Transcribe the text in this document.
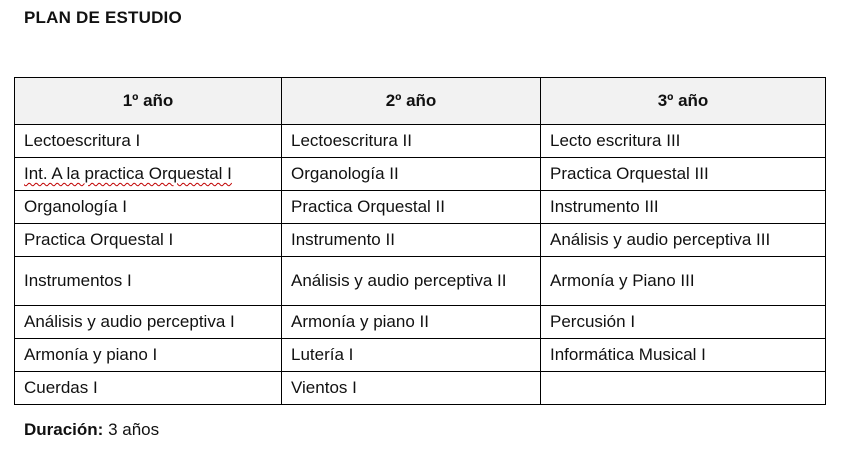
PLAN DE ESTUDIO
1º año	2º año	3º año
Lectoescritura I	Lectoescritura II	Lecto escritura III
Int. A la practica Orquestal I	Organología II	Practica Orquestal III
Organología I	Practica Orquestal II	Instrumento III
Practica Orquestal I	Instrumento II	Análisis y audio perceptiva III
Instrumentos I	Análisis y audio perceptiva II	Armonía y Piano III
Análisis y audio perceptiva I	Armonía y piano II	Percusión I
Armonía y piano I	Lutería I	Informática Musical I
Cuerdas I	Vientos I	
Duración: 3 años
